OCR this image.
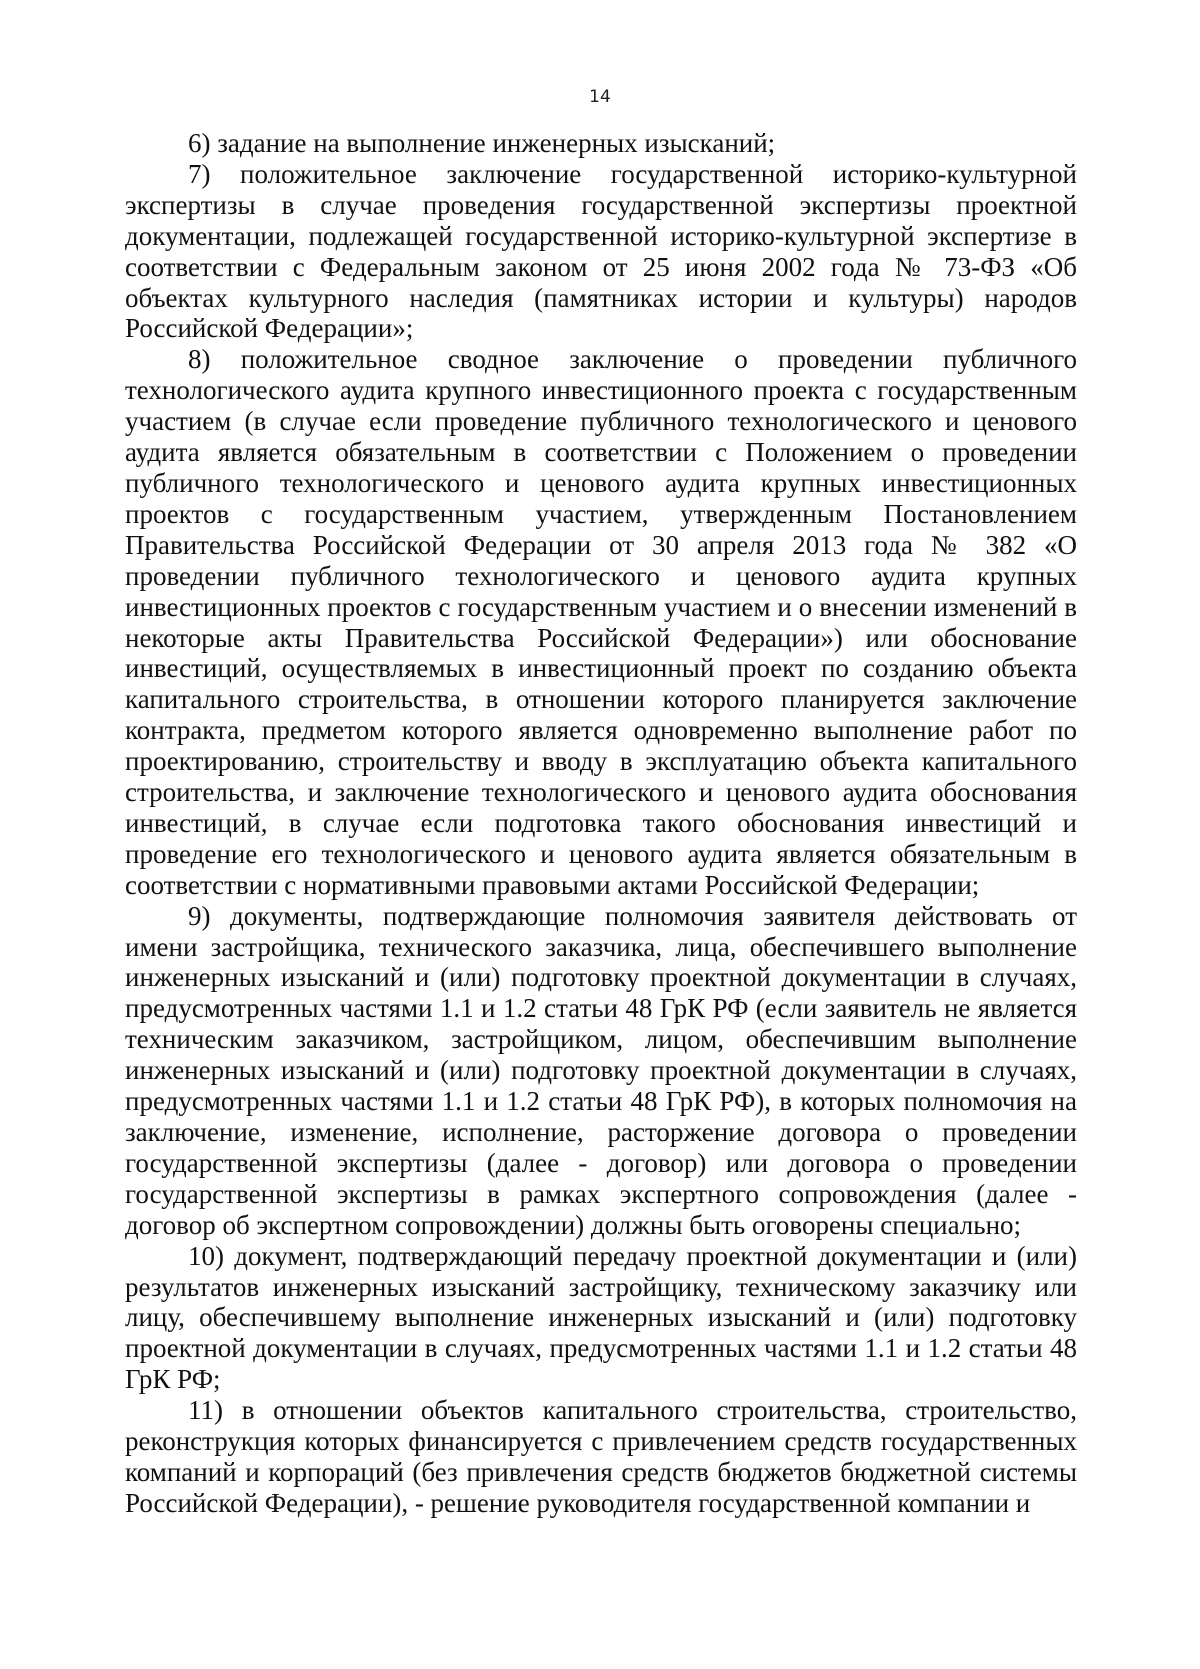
14

6) задание на выполнение инженерных изысканий;

7) положительное заключение государственной историко-культурной экспертизы в случае проведения государственной экспертизы проектной документации, подлежащей государственной историко-культурной экспертизе в соответствии с Федеральным законом от 25 июня 2002 года № 73-ФЗ «Об объектах культурного наследия (памятниках истории и культуры) народов Российской Федерации»;

8) положительное сводное заключение о проведении публичного технологического аудита крупного инвестиционного проекта с государственным участием (в случае если проведение публичного технологического и ценового аудита является обязательным в соответствии с Положением о проведении публичного технологического и ценового аудита крупных инвестиционных проектов с государственным участием, утвержденным Постановлением Правительства Российской Федерации от 30 апреля 2013 года № 382 «О проведении публичного технологического и ценового аудита крупных инвестиционных проектов с государственным участием и о внесении изменений в некоторые акты Правительства Российской Федерации») или обоснование инвестиций, осуществляемых в инвестиционный проект по созданию объекта капитального строительства, в отношении которого планируется заключение контракта, предметом которого является одновременно выполнение работ по проектированию, строительству и вводу в эксплуатацию объекта капитального строительства, и заключение технологического и ценового аудита обоснования инвестиций, в случае если подготовка такого обоснования инвестиций и проведение его технологического и ценового аудита является обязательным в соответствии с нормативными правовыми актами Российской Федерации;

9) документы, подтверждающие полномочия заявителя действовать от имени застройщика, технического заказчика, лица, обеспечившего выполнение инженерных изысканий и (или) подготовку проектной документации в случаях, предусмотренных частями 1.1 и 1.2 статьи 48 ГрК РФ (если заявитель не является техническим заказчиком, застройщиком, лицом, обеспечившим выполнение инженерных изысканий и (или) подготовку проектной документации в случаях, предусмотренных частями 1.1 и 1.2 статьи 48 ГрК РФ), в которых полномочия на заключение, изменение, исполнение, расторжение договора о проведении государственной экспертизы (далее - договор) или договора о проведении государственной экспертизы в рамках экспертного сопровождения (далее - договор об экспертном сопровождении) должны быть оговорены специально;

10) документ, подтверждающий передачу проектной документации и (или) результатов инженерных изысканий застройщику, техническому заказчику или лицу, обеспечившему выполнение инженерных изысканий и (или) подготовку проектной документации в случаях, предусмотренных частями 1.1 и 1.2 статьи 48 ГрК РФ;

11) в отношении объектов капитального строительства, строительство, реконструкция которых финансируется с привлечением средств государственных компаний и корпораций (без привлечения средств бюджетов бюджетной системы Российской Федерации), - решение руководителя государственной компании и
